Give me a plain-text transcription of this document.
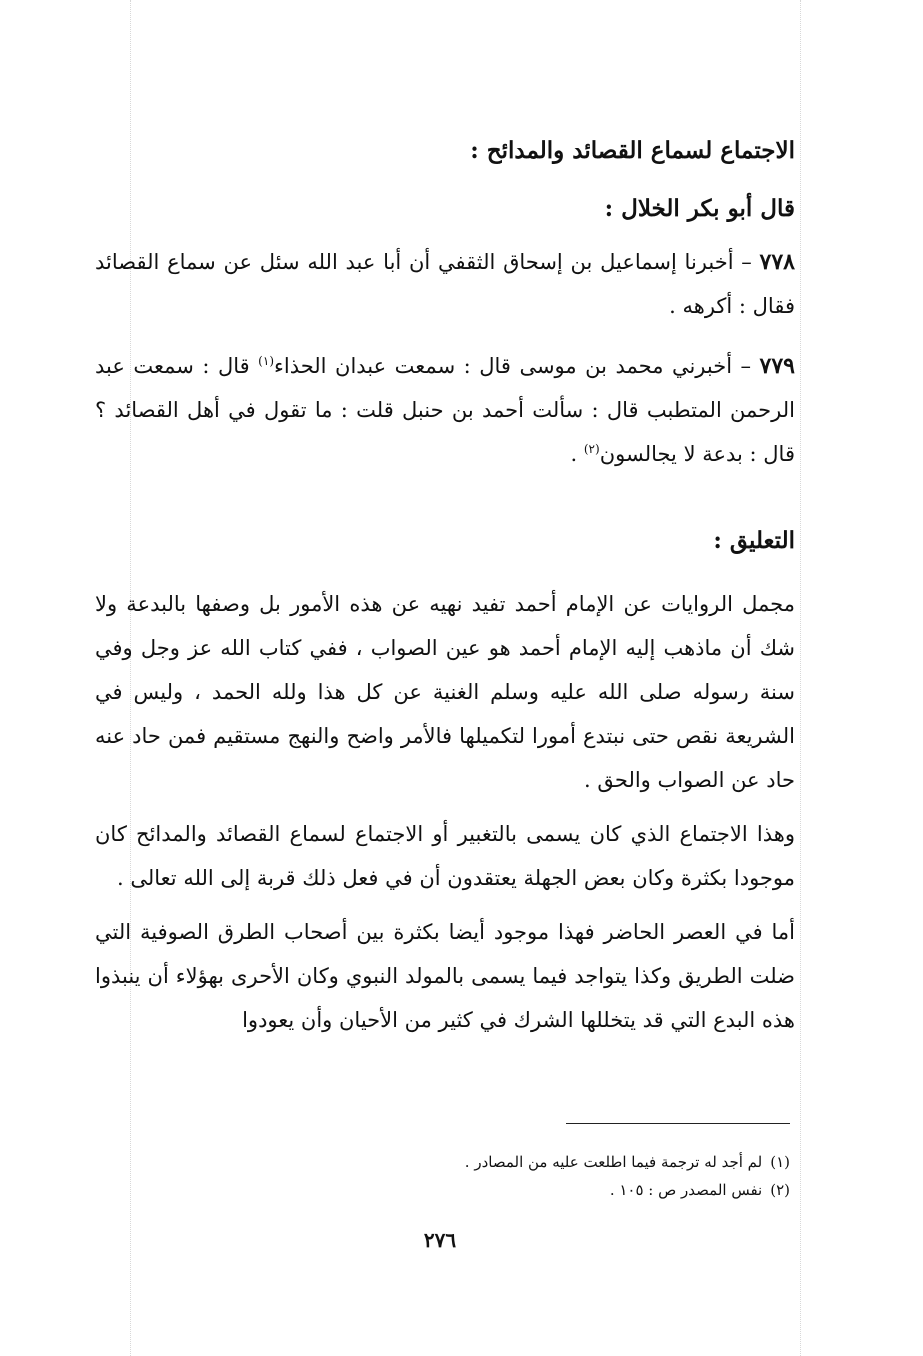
الاجتماع لسماع القصائد والمدائح :

قال أبو بكر الخلال :

٧٧٨ – أخبرنا إسماعيل بن إسحاق الثقفي أن أبا عبد الله سئل عن سماع القصائد فقال : أكرهه .

٧٧٩ – أخبرني محمد بن موسى قال : سمعت عبدان الحذاء$^{(١)}$ قال : سمعت عبد الرحمن المتطبب قال : سألت أحمد بن حنبل قلت : ما تقول في أهل القصائد ؟ قال : بدعة لا يجالسون$^{(٢)}$ .

التعليق :

مجمل الروايات عن الإمام أحمد تفيد نهيه عن هذه الأمور بل وصفها بالبدعة ولا شك أن ماذهب إليه الإمام أحمد هو عين الصواب ، ففي كتاب الله عز وجل وفي سنة رسوله صلى الله عليه وسلم الغنية عن كل هذا ولله الحمد ، وليس في الشريعة نقص حتى نبتدع أمورا لتكميلها فالأمر واضح والنهج مستقيم فمن حاد عنه حاد عن الصواب والحق .

وهذا الاجتماع الذي كان يسمى بالتغبير أو الاجتماع لسماع القصائد والمدائح كان موجودا بكثرة وكان بعض الجهلة يعتقدون أن في فعل ذلك قربة إلى الله تعالى .

أما في العصر الحاضر فهذا موجود أيضا بكثرة بين أصحاب الطرق الصوفية التي ضلت الطريق وكذا يتواجد فيما يسمى بالمولد النبوي وكان الأحرى بهؤلاء أن ينبذوا هذه البدع التي قد يتخللها الشرك في كثير من الأحيان وأن يعودوا

(١)لم أجد له ترجمة فيما اطلعت عليه من المصادر .

(٢)نفس المصدر ص : ١٠٥ .

٢٧٦
